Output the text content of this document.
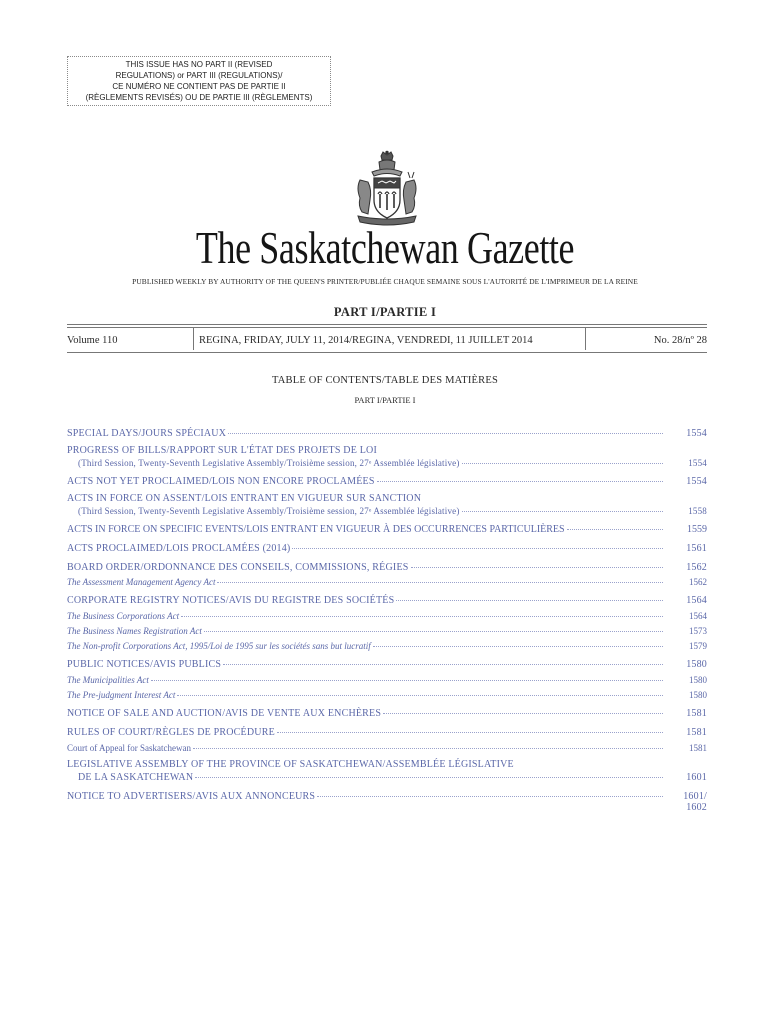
THIS ISSUE HAS NO PART II (REVISED
REGULATIONS) or PART III (REGULATIONS)/
CE NUMÉRO NE CONTIENT PAS DE PARTIE II
(RÈGLEMENTS REVISÉS) OU DE PARTIE III (RÈGLEMENTS)
The Saskatchewan Gazette
PUBLISHED WEEKLY BY AUTHORITY OF THE QUEEN'S PRINTER/PUBLIÉE CHAQUE SEMAINE SOUS L'AUTORITÉ DE L'IMPRIMEUR DE LA REINE
PART I/PARTIE I
Volume 110	REGINA, FRIDAY, JULY 11, 2014/REGINA, VENDREDI, 11 JUILLET 2014	No. 28/nº 28
TABLE OF CONTENTS/TABLE DES MATIÈRES
PART I/PARTIE I
SPECIAL DAYS/JOURS SPÉCIAUX	1554
PROGRESS OF BILLS/RAPPORT SUR L'ÉTAT DES PROJETS DE LOI
(Third Session, Twenty-Seventh Legislative Assembly/Troisième session, 27ᵉ Assemblée législative)	1554
ACTS NOT YET PROCLAIMED/LOIS NON ENCORE PROCLAMÉES	1554
ACTS IN FORCE ON ASSENT/LOIS ENTRANT EN VIGUEUR SUR SANCTION
(Third Session, Twenty-Seventh Legislative Assembly/Troisième session, 27ᵉ Assemblée législative)	1558
ACTS IN FORCE ON SPECIFIC EVENTS/LOIS ENTRANT EN VIGUEUR À DES OCCURRENCES PARTICULIÈRES	1559
ACTS PROCLAIMED/LOIS PROCLAMÉES (2014)	1561
BOARD ORDER/ORDONNANCE DES CONSEILS, COMMISSIONS, RÉGIES	1562
The Assessment Management Agency Act	1562
CORPORATE REGISTRY NOTICES/AVIS DU REGISTRE DES SOCIÉTÉS	1564
The Business Corporations Act	1564
The Business Names Registration Act	1573
The Non-profit Corporations Act, 1995/Loi de 1995 sur les sociétés sans but lucratif	1579
PUBLIC NOTICES/AVIS PUBLICS	1580
The Municipalities Act	1580
The Pre-judgment Interest Act	1580
NOTICE OF SALE AND AUCTION/AVIS DE VENTE AUX ENCHÈRES	1581
RULES OF COURT/RÈGLES DE PROCÉDURE	1581
Court of Appeal for Saskatchewan	1581
LEGISLATIVE ASSEMBLY OF THE PROVINCE OF SASKATCHEWAN/ASSEMBLÉE LÉGISLATIVE
DE LA SASKATCHEWAN	1601
NOTICE TO ADVERTISERS/AVIS AUX ANNONCEURS	1601/
1602
